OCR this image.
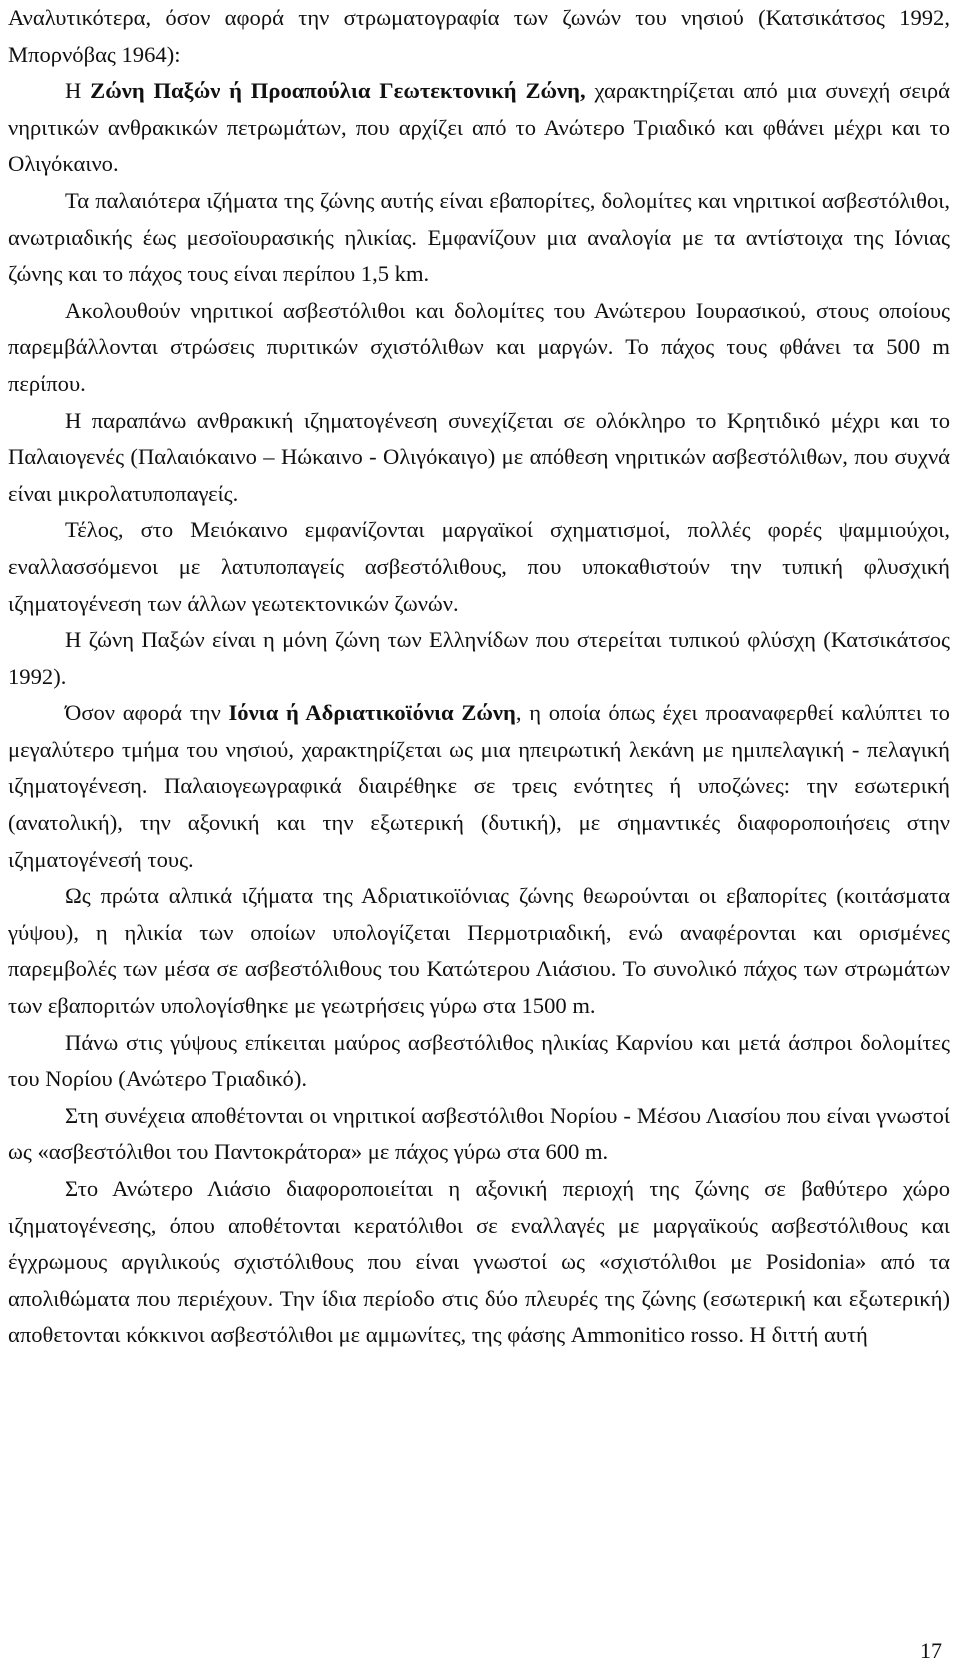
Αναλυτικότερα, όσον αφορά την στρωματογραφία των ζωνών του νησιού (Κατσικάτσος 1992, Μπορνόβας 1964):

Η Ζώνη Παξών ή Προαπούλια Γεωτεκτονική Ζώνη, χαρακτηρίζεται από μια συνεχή σειρά νηριτικών ανθρακικών πετρωμάτων, που αρχίζει από το Ανώτερο Τριαδικό και φθάνει μέχρι και το Ολιγόκαινο.

Τα παλαιότερα ιζήματα της ζώνης αυτής είναι εβαπορίτες, δολομίτες και νηριτικοί ασβεστόλιθοι, ανωτριαδικής έως μεσοϊουρασικής ηλικίας. Εμφανίζουν μια αναλογία με τα αντίστοιχα της Ιόνιας ζώνης και το πάχος τους είναι περίπου 1,5 km.

Ακολουθούν νηριτικοί ασβεστόλιθοι και δολομίτες του Ανώτερου Ιουρασικού, στους οποίους παρεμβάλλονται στρώσεις πυριτικών σχιστόλιθων και μαργών. Το πάχος τους φθάνει τα 500 m περίπου.

Η παραπάνω ανθρακική ιζηματογένεση συνεχίζεται σε ολόκληρο το Κρητιδικό μέχρι και το Παλαιογενές (Παλαιόκαινο – Ηώκαινο - Ολιγόκαιγο) με απόθεση νηριτικών ασβεστόλιθων, που συχνά είναι μικρολατυποπαγείς.

Τέλος, στο Μειόκαινο εμφανίζονται μαργαϊκοί σχηματισμοί, πολλές φορές ψαμμιούχοι, εναλλασσόμενοι με λατυποπαγείς ασβεστόλιθους, που υποκαθιστούν την τυπική φλυσχική ιζηματογένεση των άλλων γεωτεκτονικών ζωνών.

Η ζώνη Παξών είναι η μόνη ζώνη των Ελληνίδων που στερείται τυπικού φλύσχη (Κατσικάτσος 1992).

Όσον αφορά την Ιόνια ή Αδριατικοϊόνια Ζώνη, η οποία όπως έχει προαναφερθεί καλύπτει το μεγαλύτερο τμήμα του νησιού, χαρακτηρίζεται ως μια ηπειρωτική λεκάνη με ημιπελαγική - πελαγική ιζηματογένεση. Παλαιογεωγραφικά διαιρέθηκε σε τρεις ενότητες ή υποζώνες: την εσωτερική (ανατολική), την αξονική και την εξωτερική (δυτική), με σημαντικές διαφοροποιήσεις στην ιζηματογένεσή τους.

Ως πρώτα αλπικά ιζήματα της Αδριατικοϊόνιας ζώνης θεωρούνται οι εβαπορίτες (κοιτάσματα γύψου), η ηλικία των οποίων υπολογίζεται Περμοτριαδική, ενώ αναφέρονται και ορισμένες παρεμβολές των μέσα σε ασβεστόλιθους του Κατώτερου Λιάσιου. Το συνολικό πάχος των στρωμάτων των εβαποριτών υπολογίσθηκε με γεωτρήσεις γύρω στα 1500 m.

Πάνω στις γύψους επίκειται μαύρος ασβεστόλιθος ηλικίας Καρνίου και μετά άσπροι δολομίτες του Νορίου (Ανώτερο Τριαδικό).

Στη συνέχεια αποθέτονται οι νηριτικοί ασβεστόλιθοι Νορίου - Μέσου Λιασίου που είναι γνωστοί ως «ασβεστόλιθοι του Παντοκράτορα» με πάχος γύρω στα 600 m.

Στο Ανώτερο Λιάσιο διαφοροποιείται η αξονική περιοχή της ζώνης σε βαθύτερο χώρο ιζηματογένεσης, όπου αποθέτονται κερατόλιθοι σε εναλλαγές με μαργαϊκούς ασβεστόλιθους και έγχρωμους αργιλικούς σχιστόλιθους που είναι γνωστοί ως «σχιστόλιθοι με Posidonia» από τα απολιθώματα που περιέχουν. Την ίδια περίοδο στις δύο πλευρές της ζώνης (εσωτερική και εξωτερική) αποθετονται κόκκινοι ασβεστόλιθοι με αμμωνίτες, της φάσης Ammonitico rosso. Η διττή αυτή

17
